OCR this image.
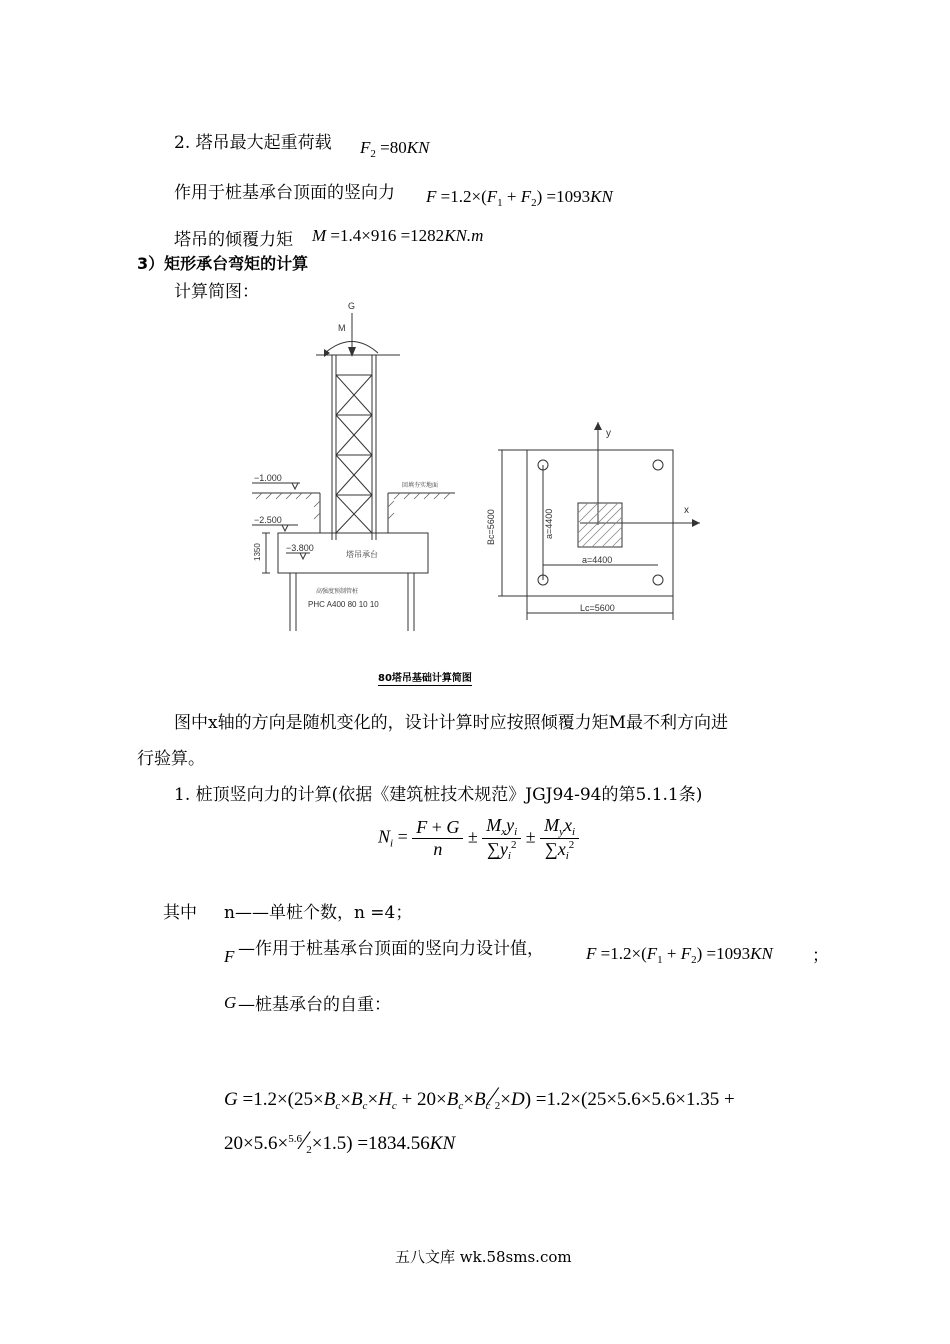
2. 塔吊最大起重荷载 $F_2 =80KN$
作用于桩基承台顶面的竖向力 $F =1.2\times(F_1 + F_2) =1093KN$
塔吊的倾覆力矩 M =1.4×916 =1282KN.m
3）矩形承台弯矩的计算
计算简图：
G
M
−1.000
−2.500
−3.800
1350	塔吊承台
回填夯实地面
高强度预制管桩
PHC A400 80 10 10
y
x
Bc=5600	a=4400
a=4400
Lc=5600
80塔吊基础计算简图
图中x轴的方向是随机变化的，设计计算时应按照倾覆力矩M最不利方向进
行验算。
1. 桩顶竖向力的计算(依据《建筑桩技术规范》JGJ94-94的第5.1.1条)
$N_i = \frac{F + G}{n} \pm \frac{M_xy_i}{\sum y_i^2} \pm \frac{M_yx_i}{\sum x_i^2}$
其中 n——单桩个数，n =4；
F —作用于桩基承台顶面的竖向力设计值， $F =1.2\times(F_1 + F_2) =1093KN$ ；
G —桩基承台的自重：
$G =1.2\times(25\times B_c\times B_c\times H_c$ + $20\times B_c\times B_c⁄_2\times D) =1.2\times(25\times 5.6\times 5.6\times 1.35$ +
$20\times 5.6\times^{5.6}⁄_2\times 1.5) =1834.56KN$
五八文库 wk.58sms.com
